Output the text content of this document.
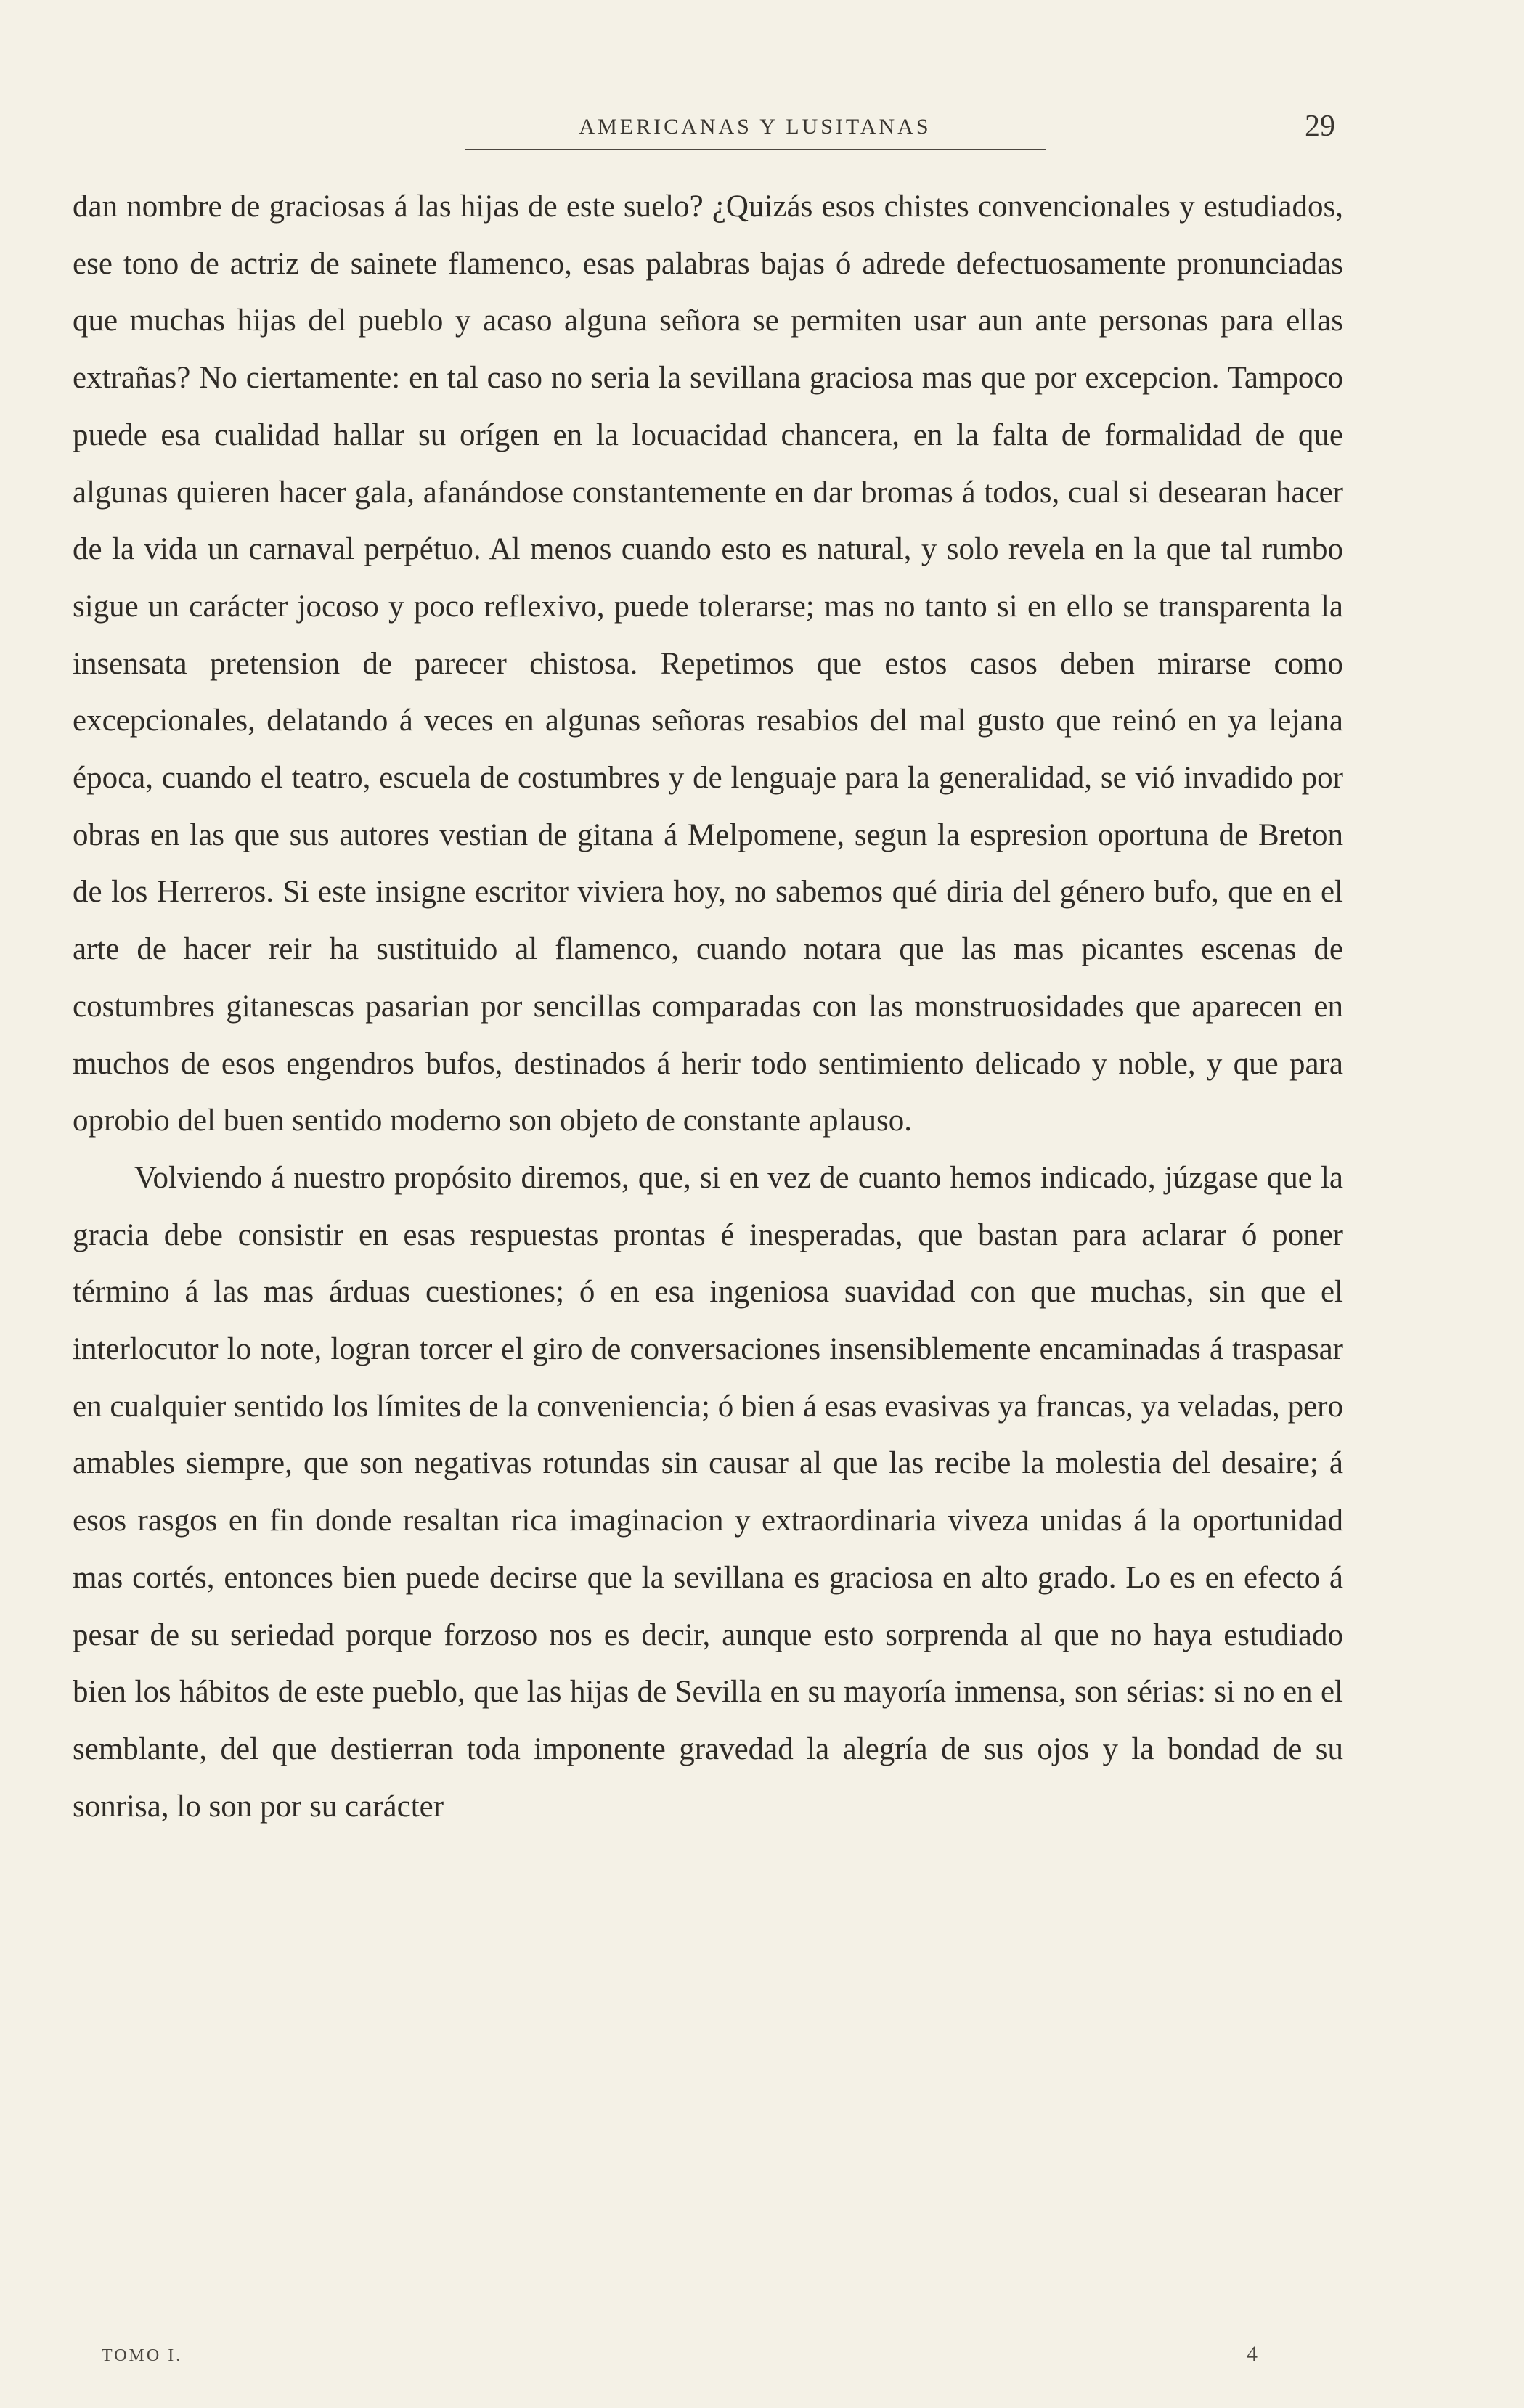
AMERICANAS Y LUSITANAS	29

dan nombre de graciosas á las hijas de este suelo? ¿Quizás esos chistes convencionales y estudiados, ese tono de actriz de sainete flamenco, esas palabras bajas ó adrede defectuosamente pronunciadas que muchas hijas del pueblo y acaso alguna señora se permiten usar aun ante personas para ellas extrañas? No ciertamente: en tal caso no seria la sevillana graciosa mas que por excepcion. Tampoco puede esa cualidad hallar su orígen en la locuacidad chancera, en la falta de formalidad de que algunas quieren hacer gala, afanándose constantemente en dar bromas á todos, cual si desearan hacer de la vida un carnaval perpétuo. Al menos cuando esto es natural, y solo revela en la que tal rumbo sigue un carácter jocoso y poco reflexivo, puede tolerarse; mas no tanto si en ello se transparenta la insensata pretension de parecer chistosa. Repetimos que estos casos deben mirarse como excepcionales, delatando á veces en algunas señoras resabios del mal gusto que reinó en ya lejana época, cuando el teatro, escuela de costumbres y de lenguaje para la generalidad, se vió invadido por obras en las que sus autores vestian de gitana á Melpomene, segun la espresion oportuna de Breton de los Herreros. Si este insigne escritor viviera hoy, no sabemos qué diria del género bufo, que en el arte de hacer reir ha sustituido al flamenco, cuando notara que las mas picantes escenas de costumbres gitanescas pasarian por sencillas comparadas con las monstruosidades que aparecen en muchos de esos engendros bufos, destinados á herir todo sentimiento delicado y noble, y que para oprobio del buen sentido moderno son objeto de constante aplauso.

Volviendo á nuestro propósito diremos, que, si en vez de cuanto hemos indicado, júzgase que la gracia debe consistir en esas respuestas prontas é inesperadas, que bastan para aclarar ó poner término á las mas árduas cuestiones; ó en esa ingeniosa suavidad con que muchas, sin que el interlocutor lo note, logran torcer el giro de conversaciones insensiblemente encaminadas á traspasar en cualquier sentido los límites de la conveniencia; ó bien á esas evasivas ya francas, ya veladas, pero amables siempre, que son negativas rotundas sin causar al que las recibe la molestia del desaire; á esos rasgos en fin donde resaltan rica imaginacion y extraordinaria viveza unidas á la oportunidad mas cortés, entonces bien puede decirse que la sevillana es graciosa en alto grado. Lo es en efecto á pesar de su seriedad porque forzoso nos es decir, aunque esto sorprenda al que no haya estudiado bien los hábitos de este pueblo, que las hijas de Sevilla en su mayoría inmensa, son sérias: si no en el semblante, del que destierran toda imponente gravedad la alegría de sus ojos y la bondad de su sonrisa, lo son por su carácter

TOMO I.	4
